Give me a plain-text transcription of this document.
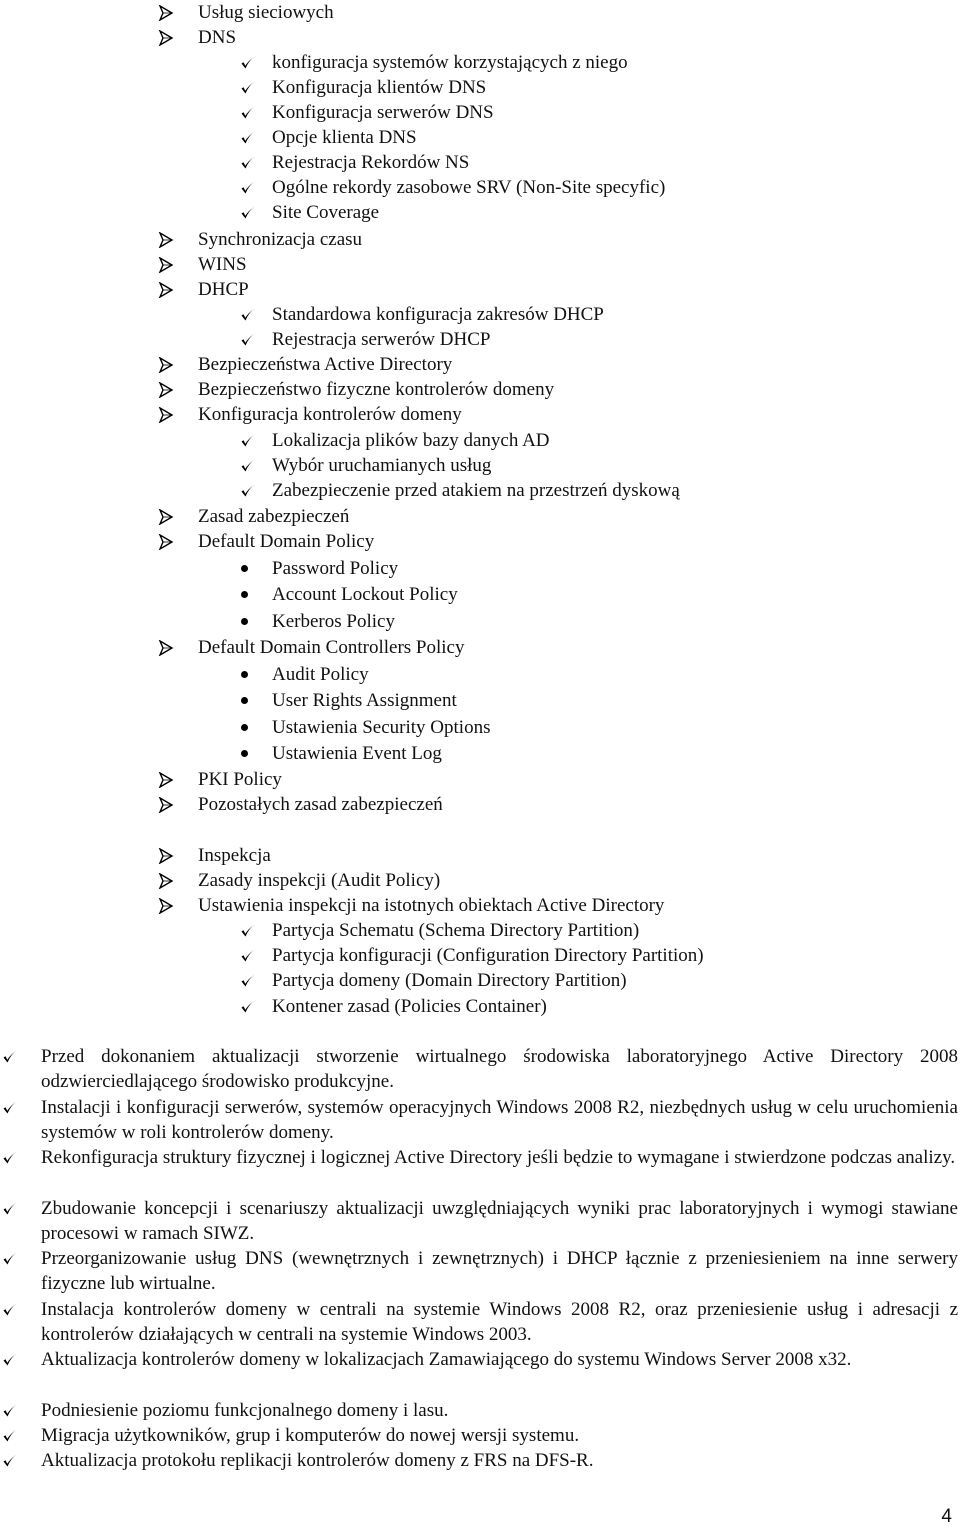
Usług sieciowych
DNS
konfiguracja systemów korzystających z niego
Konfiguracja klientów DNS
Konfiguracja serwerów DNS
Opcje klienta DNS
Rejestracja Rekordów NS
Ogólne rekordy zasobowe SRV (Non-Site specyfic)
Site Coverage
Synchronizacja czasu
WINS
DHCP
Standardowa konfiguracja zakresów DHCP
Rejestracja serwerów DHCP
Bezpieczeństwa Active Directory
Bezpieczeństwo fizyczne kontrolerów domeny
Konfiguracja kontrolerów domeny
Lokalizacja plików bazy danych AD
Wybór uruchamianych usług
Zabezpieczenie przed atakiem na przestrzeń dyskową
Zasad zabezpieczeń
Default Domain Policy
Password Policy
Account Lockout Policy
Kerberos Policy
Default Domain Controllers Policy
Audit Policy
User Rights Assignment
Ustawienia Security Options
Ustawienia Event Log
PKI Policy
Pozostałych zasad zabezpieczeń
Inspekcja
Zasady inspekcji (Audit Policy)
Ustawienia inspekcji na istotnych obiektach Active Directory
Partycja Schematu (Schema Directory Partition)
Partycja konfiguracji (Configuration Directory Partition)
Partycja domeny (Domain Directory Partition)
Kontener zasad (Policies Container)
Przed dokonaniem aktualizacji stworzenie wirtualnego środowiska laboratoryjnego Active Directory 2008 odzwierciedlającego środowisko produkcyjne.
Instalacji i konfiguracji serwerów, systemów operacyjnych Windows 2008 R2, niezbędnych usług w celu uruchomienia systemów w roli kontrolerów domeny.
Rekonfiguracja struktury fizycznej i logicznej Active Directory jeśli będzie to wymagane i stwierdzone podczas analizy.
Zbudowanie koncepcji i scenariuszy aktualizacji uwzględniających wyniki prac laboratoryjnych i wymogi stawiane procesowi w ramach SIWZ.
Przeorganizowanie usług DNS (wewnętrznych i zewnętrznych) i DHCP łącznie z przeniesieniem na inne serwery fizyczne lub wirtualne.
Instalacja kontrolerów domeny w centrali na systemie Windows 2008 R2, oraz przeniesienie usług i adresacji z kontrolerów działających w centrali na systemie Windows 2003.
Aktualizacja kontrolerów domeny w lokalizacjach Zamawiającego do systemu Windows Server 2008 x32.
Podniesienie poziomu funkcjonalnego domeny i lasu.
Migracja użytkowników, grup i komputerów do nowej wersji systemu.
Aktualizacja protokołu replikacji kontrolerów domeny z FRS na DFS-R.
4
